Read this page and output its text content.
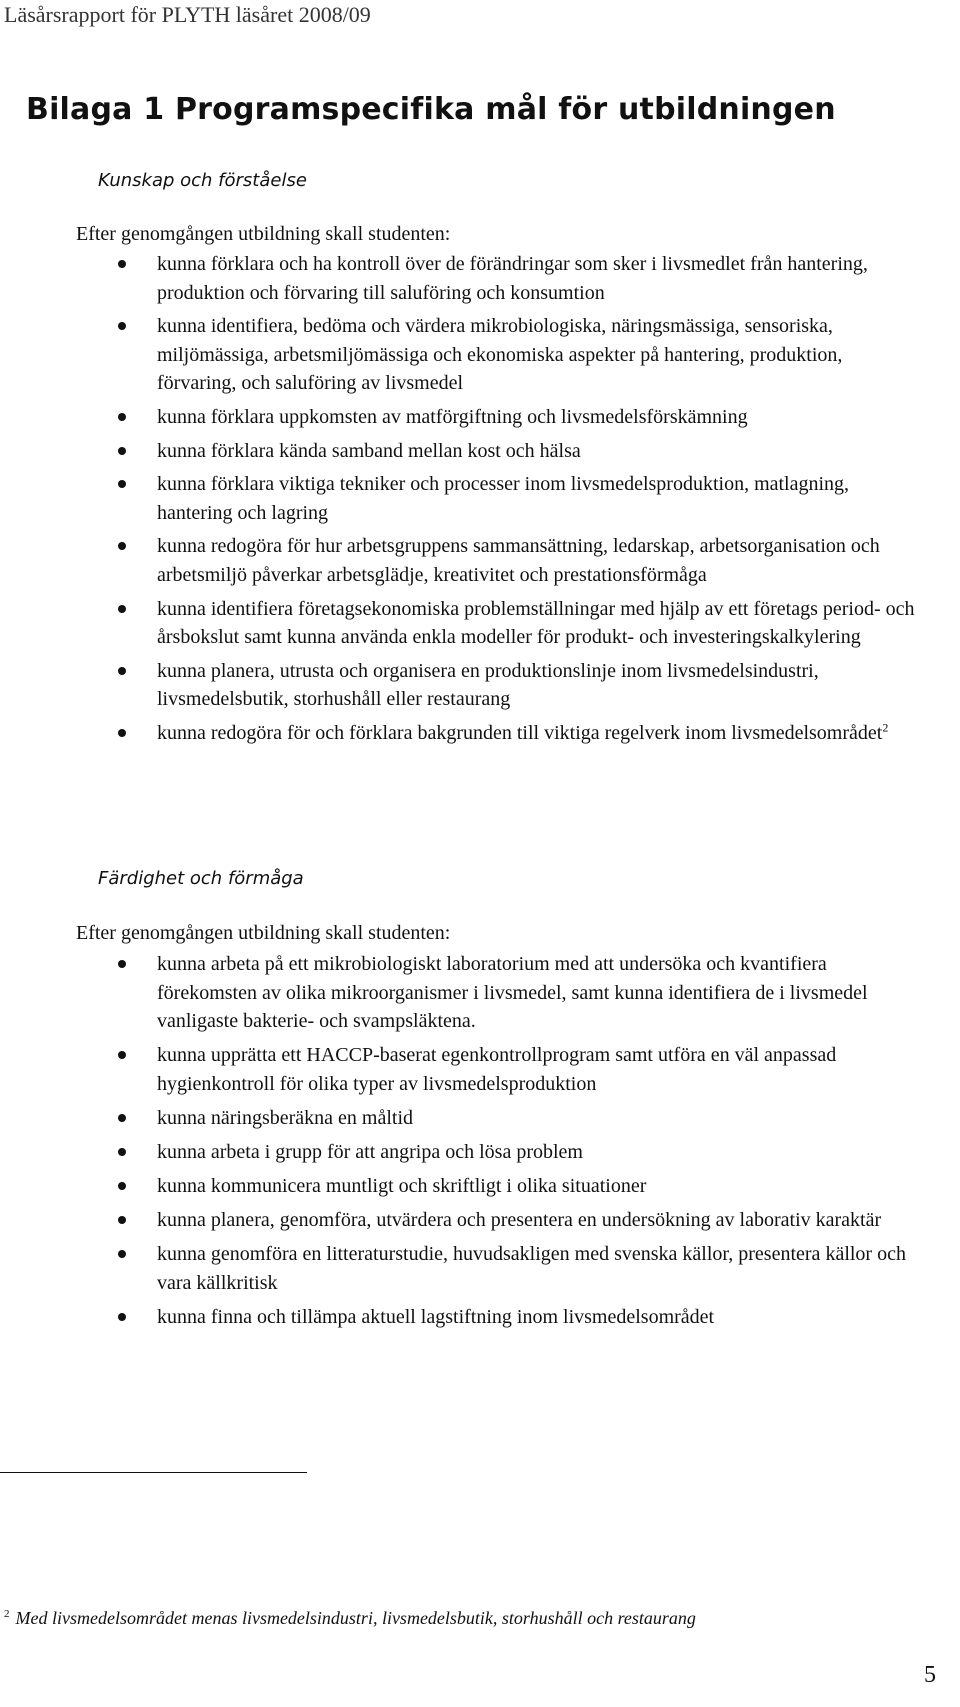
Läsårsrapport för PLYTH läsåret 2008/09
Bilaga 1 Programspecifika mål för utbildningen
Kunskap och förståelse

Efter genomgången utbildning skall studenten:

kunna förklara och ha kontroll över de förändringar som sker i livsmedlet från hantering, produktion och förvaring till saluföring och konsumtion
kunna identifiera, bedöma och värdera mikrobiologiska, näringsmässiga, sensoriska, miljömässiga, arbetsmiljömässiga och ekonomiska aspekter på hantering, produktion, förvaring, och saluföring av livsmedel
kunna förklara uppkomsten av matförgiftning och livsmedelsförskämning
kunna förklara kända samband mellan kost och hälsa
kunna förklara viktiga tekniker och processer inom livsmedelsproduktion, matlagning, hantering och lagring
kunna redogöra för hur arbetsgruppens sammansättning, ledarskap, arbetsorganisation och arbetsmiljö påverkar arbetsglädje, kreativitet och prestationsförmåga
kunna identifiera företagsekonomiska problemställningar med hjälp av ett företags period- och årsbokslut samt kunna använda enkla modeller för produkt- och investeringskalkylering
kunna planera, utrusta och organisera en produktionslinje inom livsmedelsindustri, livsmedelsbutik, storhushåll eller restaurang
kunna redogöra för och förklara bakgrunden till viktiga regelverk inom livsmedelsområdet$^2$
Färdighet och förmåga

Efter genomgången utbildning skall studenten:

kunna arbeta på ett mikrobiologiskt laboratorium med att undersöka och kvantifiera förekomsten av olika mikroorganismer i livsmedel, samt kunna identifiera de i livsmedel vanligaste bakterie- och svampsläktena.
kunna upprätta ett HACCP-baserat egenkontrollprogram samt utföra en väl anpassad hygienkontroll för olika typer av livsmedelsproduktion
kunna näringsberäkna en måltid
kunna arbeta i grupp för att angripa och lösa problem
kunna kommunicera muntligt och skriftligt i olika situationer
kunna planera, genomföra, utvärdera och presentera en undersökning av laborativ karaktär
kunna genomföra en litteraturstudie, huvudsakligen med svenska källor, presentera källor och vara källkritisk
kunna finna och tillämpa aktuell lagstiftning inom livsmedelsområdet

$^2$ Med livsmedelsområdet menas livsmedelsindustri, livsmedelsbutik, storhushåll och restaurang

5
